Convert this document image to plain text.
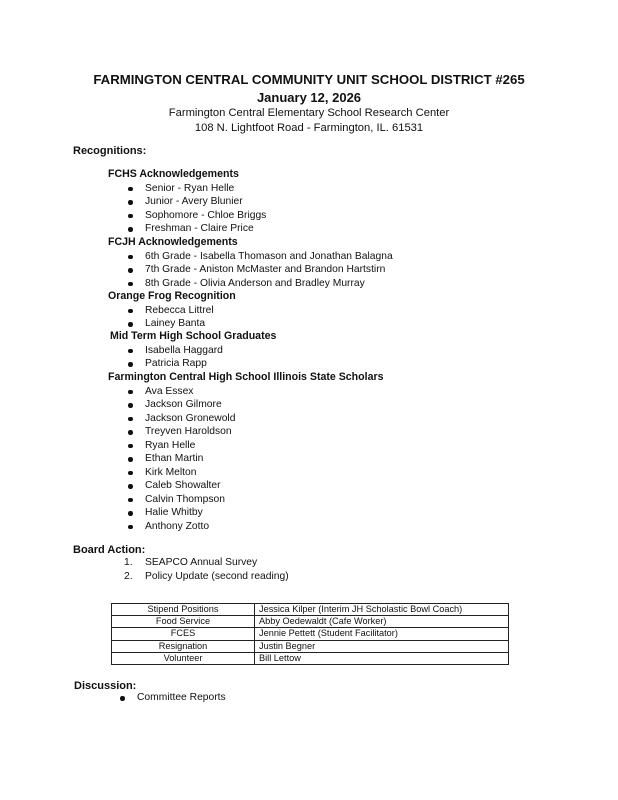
FARMINGTON CENTRAL COMMUNITY UNIT SCHOOL DISTRICT #265
January 12, 2026
Farmington Central Elementary School Research Center
108 N. Lightfoot Road - Farmington, IL. 61531
Recognitions:
FCHS Acknowledgements
Senior - Ryan Helle
Junior - Avery Blunier
Sophomore - Chloe Briggs
Freshman - Claire Price
FCJH Acknowledgements
6th Grade - Isabella Thomason and Jonathan Balagna
7th Grade - Aniston McMaster and Brandon Hartstirn
8th Grade - Olivia Anderson and Bradley Murray
Orange Frog Recognition
Rebecca Littrel
Lainey Banta
Mid Term High School Graduates
Isabella Haggard
Patricia Rapp
Farmington Central High School Illinois State Scholars
Ava Essex
Jackson Gilmore
Jackson Gronewold
Treyven Haroldson
Ryan Helle
Ethan Martin
Kirk Melton
Caleb Showalter
Calvin Thompson
Halie Whitby
Anthony Zotto
Board Action:
1. SEAPCO Annual Survey
2. Policy Update (second reading)
Stipend Positions	Jessica Kilper (Interim JH Scholastic Bowl Coach)
Food Service	Abby Oedewaldt (Cafe Worker)
FCES	Jennie Pettett (Student Facilitator)
Resignation	Justin Begner
Volunteer	Bill Lettow
Discussion:
Committee Reports
